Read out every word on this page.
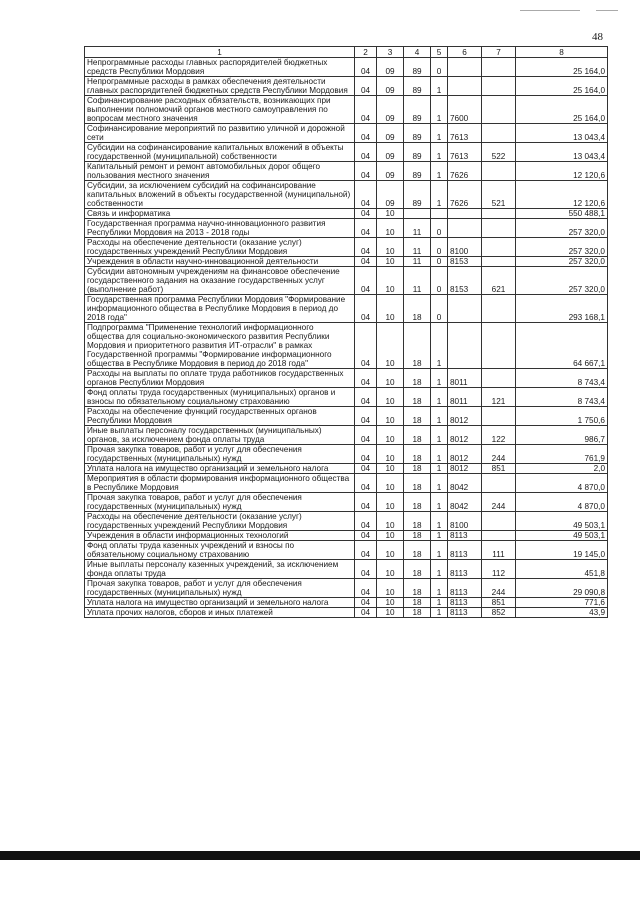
48
1	2	3	4	5	6	7	8
Непрограммные расходы главных распорядителей бюджетных средств Республики Мордовия	04	09	89	0			25 164,0
Непрограммные расходы в рамках обеспечения деятельности главных распорядителей бюджетных средств Республики Мордовия	04	09	89	1			25 164,0
Софинансирование расходных обязательств, возникающих при выполнении полномочий органов местного самоуправления по вопросам местного значения	04	09	89	1	7600		25 164,0
Софинансирование мероприятий по развитию уличной и дорожной сети	04	09	89	1	7613		13 043,4
Субсидии на софинансирование капитальных вложений в объекты государственной (муниципальной) собственности	04	09	89	1	7613	522	13 043,4
Капитальный ремонт и ремонт автомобильных дорог общего пользования местного значения	04	09	89	1	7626		12 120,6
Субсидии, за исключением субсидий на софинансирование капитальных вложений в объекты государственной (муниципальной) собственности	04	09	89	1	7626	521	12 120,6
Связь и информатика	04	10					550 488,1
Государственная программа научно-инновационного развития Республики Мордовия на 2013 - 2018 годы	04	10	11	0			257 320,0
Расходы на обеспечение деятельности (оказание услуг) государственных учреждений Республики Мордовия	04	10	11	0	8100		257 320,0
Учреждения в области научно-инновационной деятельности	04	10	11	0	8153		257 320,0
Субсидии автономным учреждениям на финансовое обеспечение государственного задания на оказание государственных услуг (выполнение работ)	04	10	11	0	8153	621	257 320,0
Государственная программа Республики Мордовия "Формирование информационного общества в Республике Мордовия в период до 2018 года"	04	10	18	0			293 168,1
Подпрограмма "Применение технологий информационного общества для социально-экономического развития Республики Мордовия и приоритетного развития ИТ-отрасли" в рамках Государственной программы "Формирование информационного общества в Республике Мордовия в период до 2018 года"	04	10	18	1			64 667,1
Расходы на выплаты по оплате труда работников государственных органов Республики Мордовия	04	10	18	1	8011		8 743,4
Фонд оплаты труда государственных (муниципальных) органов и взносы по обязательному социальному страхованию	04	10	18	1	8011	121	8 743,4
Расходы на обеспечение функций государственных органов Республики Мордовия	04	10	18	1	8012		1 750,6
Иные выплаты персоналу государственных (муниципальных) органов, за исключением фонда оплаты труда	04	10	18	1	8012	122	986,7
Прочая закупка товаров, работ и услуг для обеспечения государственных (муниципальных) нужд	04	10	18	1	8012	244	761,9
Уплата налога на имущество организаций и земельного налога	04	10	18	1	8012	851	2,0
Мероприятия в области формирования информационного общества в Республике Мордовия	04	10	18	1	8042		4 870,0
Прочая закупка товаров, работ и услуг для обеспечения государственных (муниципальных) нужд	04	10	18	1	8042	244	4 870,0
Расходы на обеспечение деятельности (оказание услуг) государственных учреждений Республики Мордовия	04	10	18	1	8100		49 503,1
Учреждения в области информационных технологий	04	10	18	1	8113		49 503,1
Фонд оплаты труда казенных учреждений и взносы по обязательному социальному страхованию	04	10	18	1	8113	111	19 145,0
Иные выплаты персоналу казенных учреждений, за исключением фонда оплаты труда	04	10	18	1	8113	112	451,8
Прочая закупка товаров, работ и услуг для обеспечения государственных (муниципальных) нужд	04	10	18	1	8113	244	29 090,8
Уплата налога на имущество организаций и земельного налога	04	10	18	1	8113	851	771,6
Уплата прочих налогов, сборов и иных платежей	04	10	18	1	8113	852	43,9
